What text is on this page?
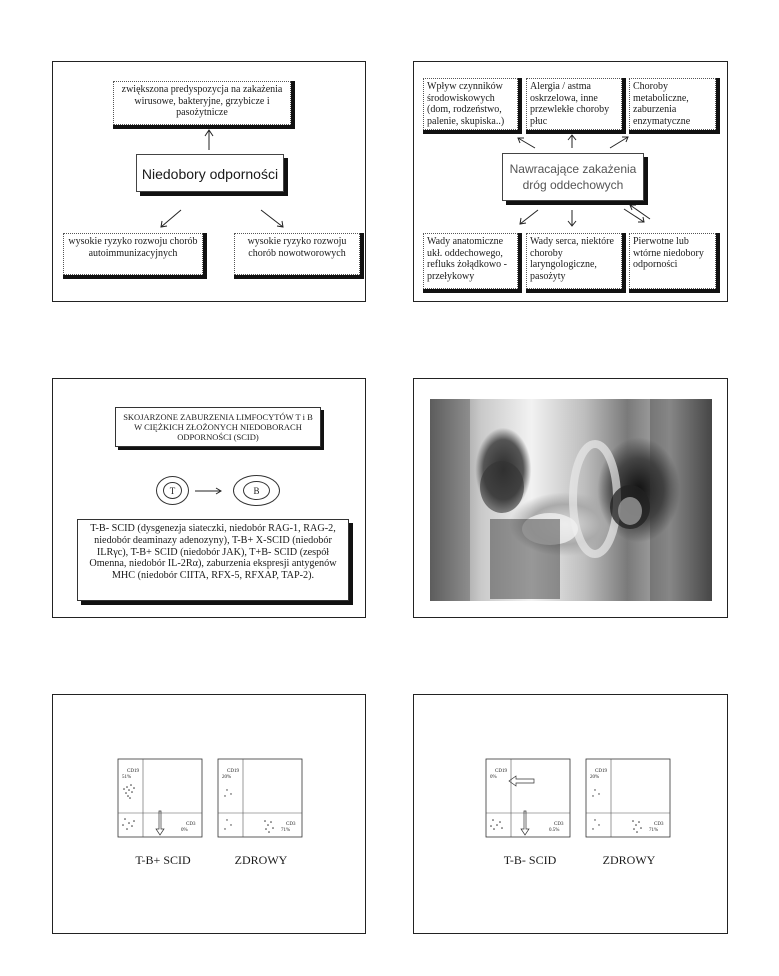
zwiększona predyspozycja na zakażenia wirusowe, bakteryjne, grzybicze i pasożytnicze
Niedobory odporności
wysokie ryzyko rozwoju chorób autoimmunizacyjnych
wysokie ryzyko rozwoju chorób nowotworowych
Wpływ czynników środowiskowych (dom, rodzeństwo, palenie, skupiska..)
Alergia / astma oskrzelowa, inne przewlekłe choroby płuc
Choroby metaboliczne, zaburzenia enzymatyczne
Nawracające zakażenia dróg oddechowych
Wady anatomiczne ukł. oddechowego, refluks żołądkowo - przełykowy
Wady serca, niektóre choroby laryngologiczne, pasożyty
Pierwotne lub wtórne niedobory odporności
SKOJARZONE ZABURZENIA LIMFOCYTÓW T i B W CIĘŻKICH ZŁOŻONYCH NIEDOBORACH ODPORNOŚCI (SCID)
T	B
T-B- SCID (dysgenezja siateczki, niedobór RAG-1, RAG-2, niedobór deaminazy adenozyny), T-B+ X-SCID (niedobór ILRγc), T-B+ SCID (niedobór JAK), T+B- SCID (zespół Omenna, niedobór IL-2Rα), zaburzenia ekspresji antygenów MHC (niedobór CIITA, RFX-5, RFXAP, TAP-2).

CD19
51%

CD3
0%

CD19
20%

CD3
71%

T-B+ SCID	ZDROWY

CD19
0%

CD3
0.5%

CD19
20%

CD3
71%

T-B- SCID	ZDROWY
